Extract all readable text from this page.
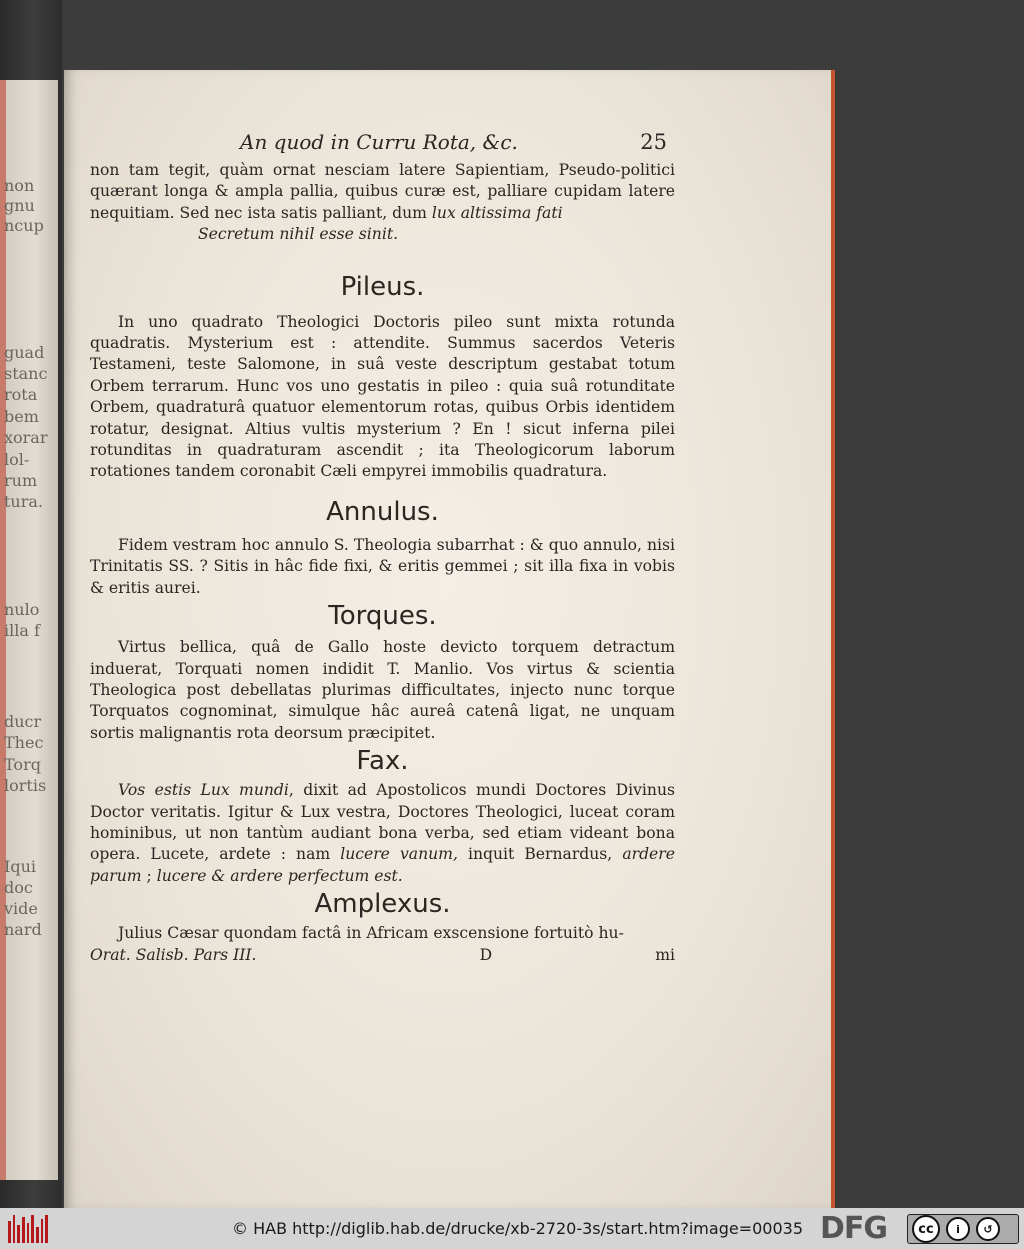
non
gnu
ncup
guad
stanc
rota
bem
xorar
lol-
rum
tura.
nulo
illa f
ducr
Thec
Torq
lortis
Iqui
doc
vide
nard
An quod in Curru Rota, &c.	25

non tam tegit, quàm ornat nesciam latere Sapientiam, Pseudo-politici quærant longa & ampla pallia, quibus curæ est, palliare cupidam latere nequitiam. Sed nec ista satis palliant, dum lux altissima fati

Secretum nihil esse sinit.

Pileus.

In uno quadrato Theologici Doctoris pileo sunt mixta rotunda quadratis. Mysterium est : attendite. Summus sacerdos Veteris Testameni, teste Salomone, in suâ veste descriptum gestabat totum Orbem terrarum. Hunc vos uno gestatis in pileo : quia suâ rotunditate Orbem, quadraturâ quatuor elementorum rotas, quibus Orbis identidem rotatur, designat. Altius vultis mysterium ? En ! sicut inferna pilei rotunditas in quadraturam ascendit ; ita Theologicorum laborum rotationes tandem coronabit Cæli empyrei immobilis quadratura.

Annulus.

Fidem vestram hoc annulo S. Theologia subarrhat : & quo annulo, nisi Trinitatis SS. ? Sitis in hâc fide fixi, & eritis gemmei ; sit illa fixa in vobis & eritis aurei.

Torques.

Virtus bellica, quâ de Gallo hoste devicto torquem detractum induerat, Torquati nomen indidit T. Manlio. Vos virtus & scientia Theologica post debellatas plurimas difficultates, injecto nunc torque Torquatos cognominat, simulque hâc aureâ catenâ ligat, ne unquam sortis malignantis rota deorsum præcipitet.

Fax.

Vos estis Lux mundi, dixit ad Apostolicos mundi Doctores Divinus Doctor veritatis. Igitur & Lux vestra, Doctores Theologici, luceat coram hominibus, ut non tantùm audiant bona verba, sed etiam videant bona opera. Lucete, ardete : nam lucere vanum, inquit Bernardus, ardere parum ; lucere & ardere perfectum est.

Amplexus.

Julius Cæsar quondam factâ in Africam exscensione fortuitò hu-

Orat. Salisb. Pars III.	D	mi
© HAB http://diglib.hab.de/drucke/xb-2720-3s/start.htm?image=00035 DFG	cc	i	↺
